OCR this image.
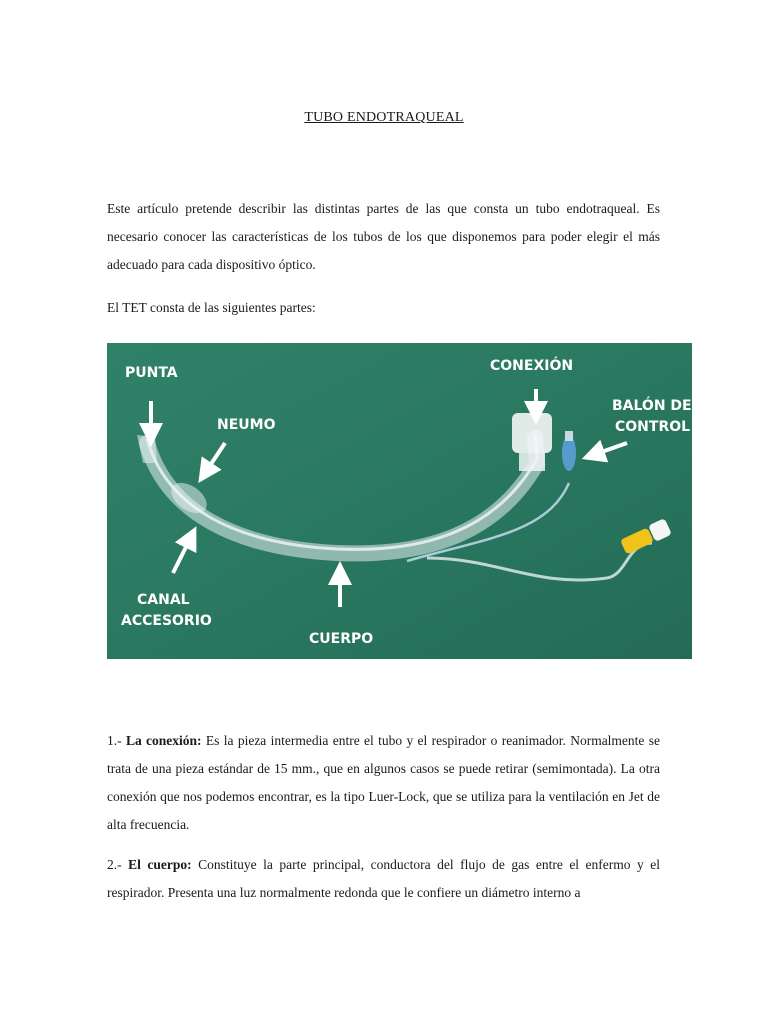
TUBO ENDOTRAQUEAL

Este artículo pretende describir las distintas partes de las que consta un tubo endotraqueal. Es necesario conocer las características de los tubos de los que disponemos para poder elegir el más adecuado para cada dispositivo óptico.

El TET consta de las siguientes partes:

PUNTA
NEUMO
CONEXIÓN
BALÓN DE
CONTROL
CANAL
ACCESORIO
CUERPO

1.- La conexión: Es la pieza intermedia entre el tubo y el respirador o reanimador. Normalmente se trata de una pieza estándar de 15 mm., que en algunos casos se puede retirar (semimontada). La otra conexión que nos podemos encontrar, es la tipo Luer-Lock, que se utiliza para la ventilación en Jet de alta frecuencia.

2.- El cuerpo: Constituye la parte principal, conductora del flujo de gas entre el enfermo y el respirador. Presenta una luz normalmente redonda que le confiere un diámetro interno a
